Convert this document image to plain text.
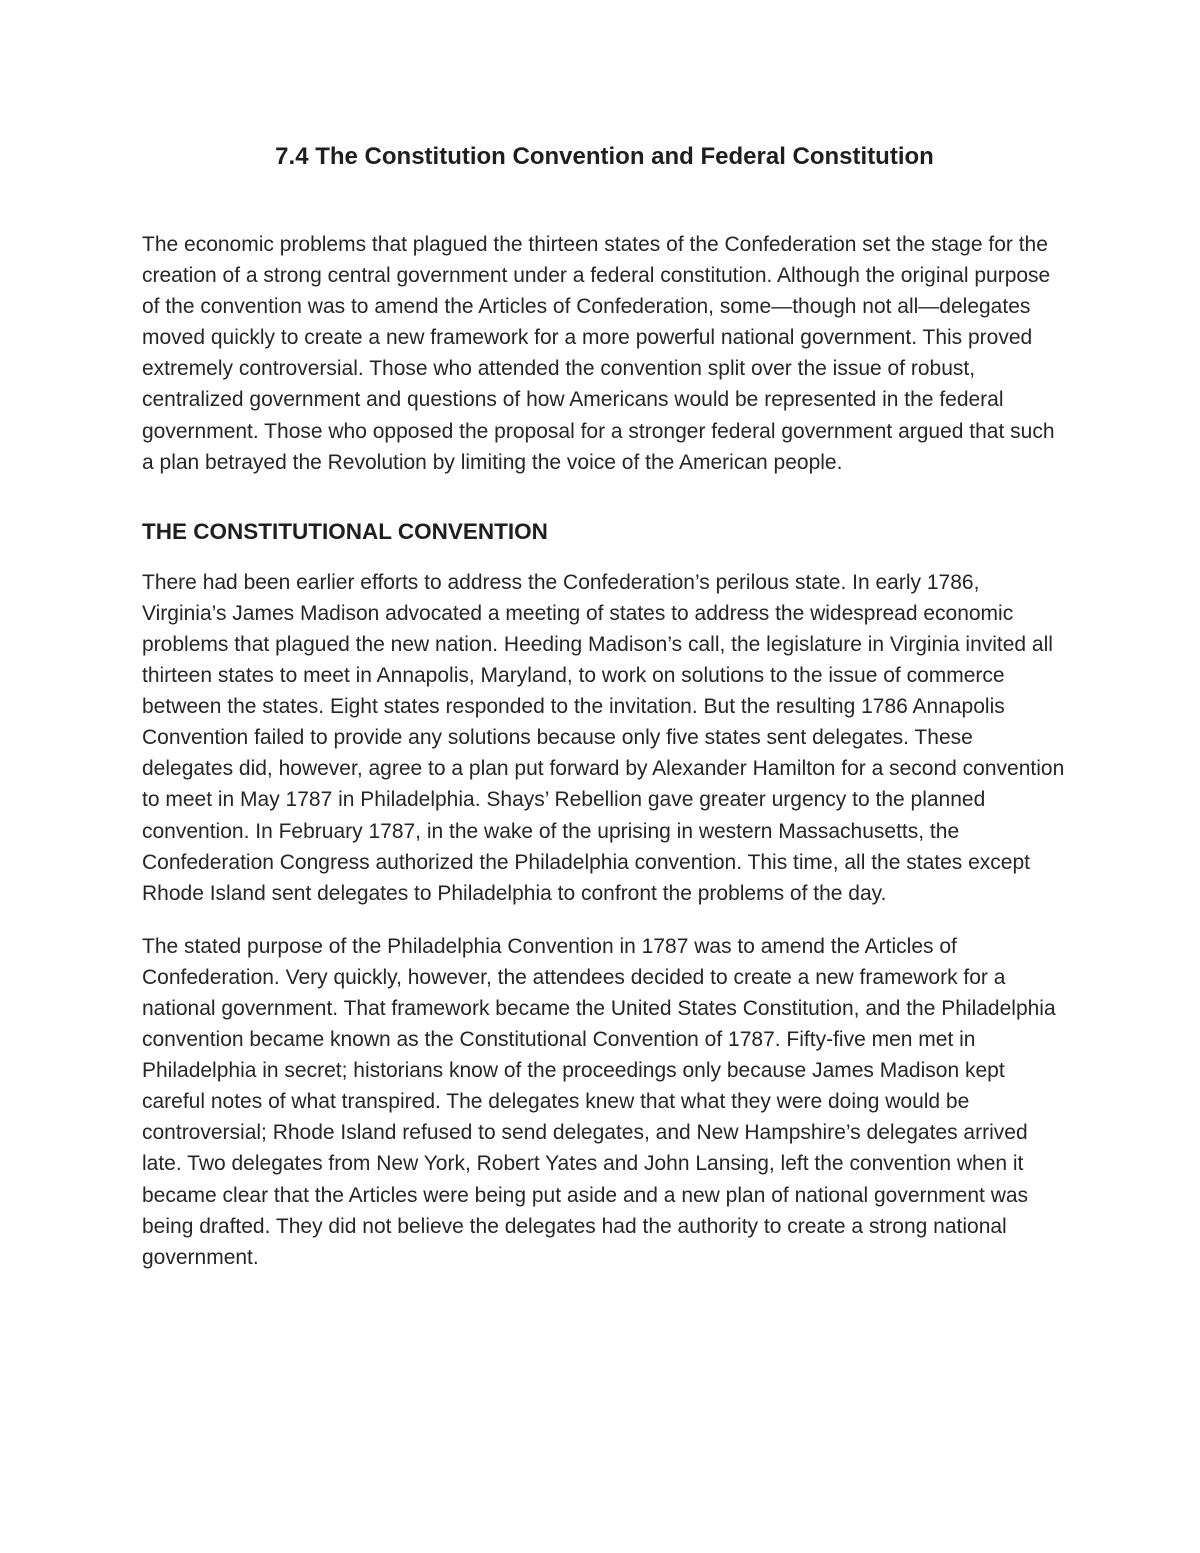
7.4 The Constitution Convention and Federal Constitution

The economic problems that plagued the thirteen states of the Confederation set the stage for the creation of a strong central government under a federal constitution. Although the original purpose of the convention was to amend the Articles of Confederation, some—though not all—delegates moved quickly to create a new framework for a more powerful national government. This proved extremely controversial. Those who attended the convention split over the issue of robust, centralized government and questions of how Americans would be represented in the federal government. Those who opposed the proposal for a stronger federal government argued that such a plan betrayed the Revolution by limiting the voice of the American people.

THE CONSTITUTIONAL CONVENTION

There had been earlier efforts to address the Confederation’s perilous state. In early 1786, Virginia’s James Madison advocated a meeting of states to address the widespread economic problems that plagued the new nation. Heeding Madison’s call, the legislature in Virginia invited all thirteen states to meet in Annapolis, Maryland, to work on solutions to the issue of commerce between the states. Eight states responded to the invitation. But the resulting 1786 Annapolis Convention failed to provide any solutions because only five states sent delegates. These delegates did, however, agree to a plan put forward by Alexander Hamilton for a second convention to meet in May 1787 in Philadelphia. Shays’ Rebellion gave greater urgency to the planned convention. In February 1787, in the wake of the uprising in western Massachusetts, the Confederation Congress authorized the Philadelphia convention. This time, all the states except Rhode Island sent delegates to Philadelphia to confront the problems of the day.

The stated purpose of the Philadelphia Convention in 1787 was to amend the Articles of Confederation. Very quickly, however, the attendees decided to create a new framework for a national government. That framework became the United States Constitution, and the Philadelphia convention became known as the Constitutional Convention of 1787. Fifty-five men met in Philadelphia in secret; historians know of the proceedings only because James Madison kept careful notes of what transpired. The delegates knew that what they were doing would be controversial; Rhode Island refused to send delegates, and New Hampshire’s delegates arrived late. Two delegates from New York, Robert Yates and John Lansing, left the convention when it became clear that the Articles were being put aside and a new plan of national government was being drafted. They did not believe the delegates had the authority to create a strong national government.
